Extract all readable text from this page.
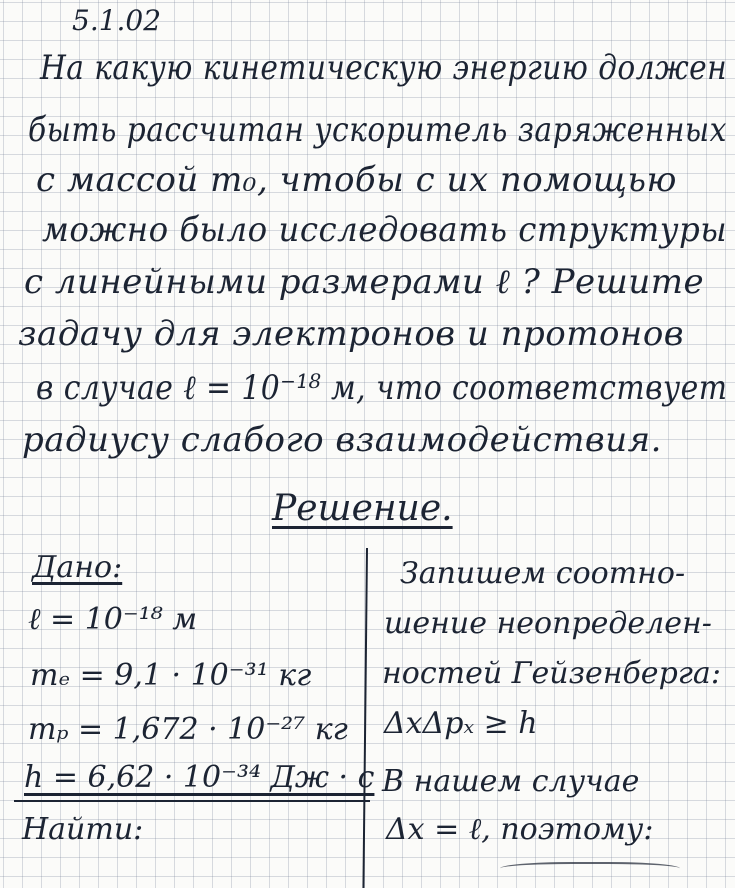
5.1.02
На какую кинетическую энергию должен
быть рассчитан ускоритель заряженных
с массой m₀, чтобы с их помощью
можно было исследовать структуры
с линейными размерами ℓ ? Решите
задачу для электронов и протонов
в случае ℓ = 10⁻¹⁸ м, что соответствует
радиусу слабого взаимодействия.
Решение.
Дано:
ℓ = 10⁻¹⁸ м
mₑ = 9,1 · 10⁻³¹ кг
mₚ = 1,672 · 10⁻²⁷ кг
h = 6,62 · 10⁻³⁴ Дж · с
Найти:
Запишем соотно-
шение неопределен-
ностей Гейзенберга:
ΔxΔpₓ ≥ h
В нашем случае
Δx = ℓ, поэтому:
